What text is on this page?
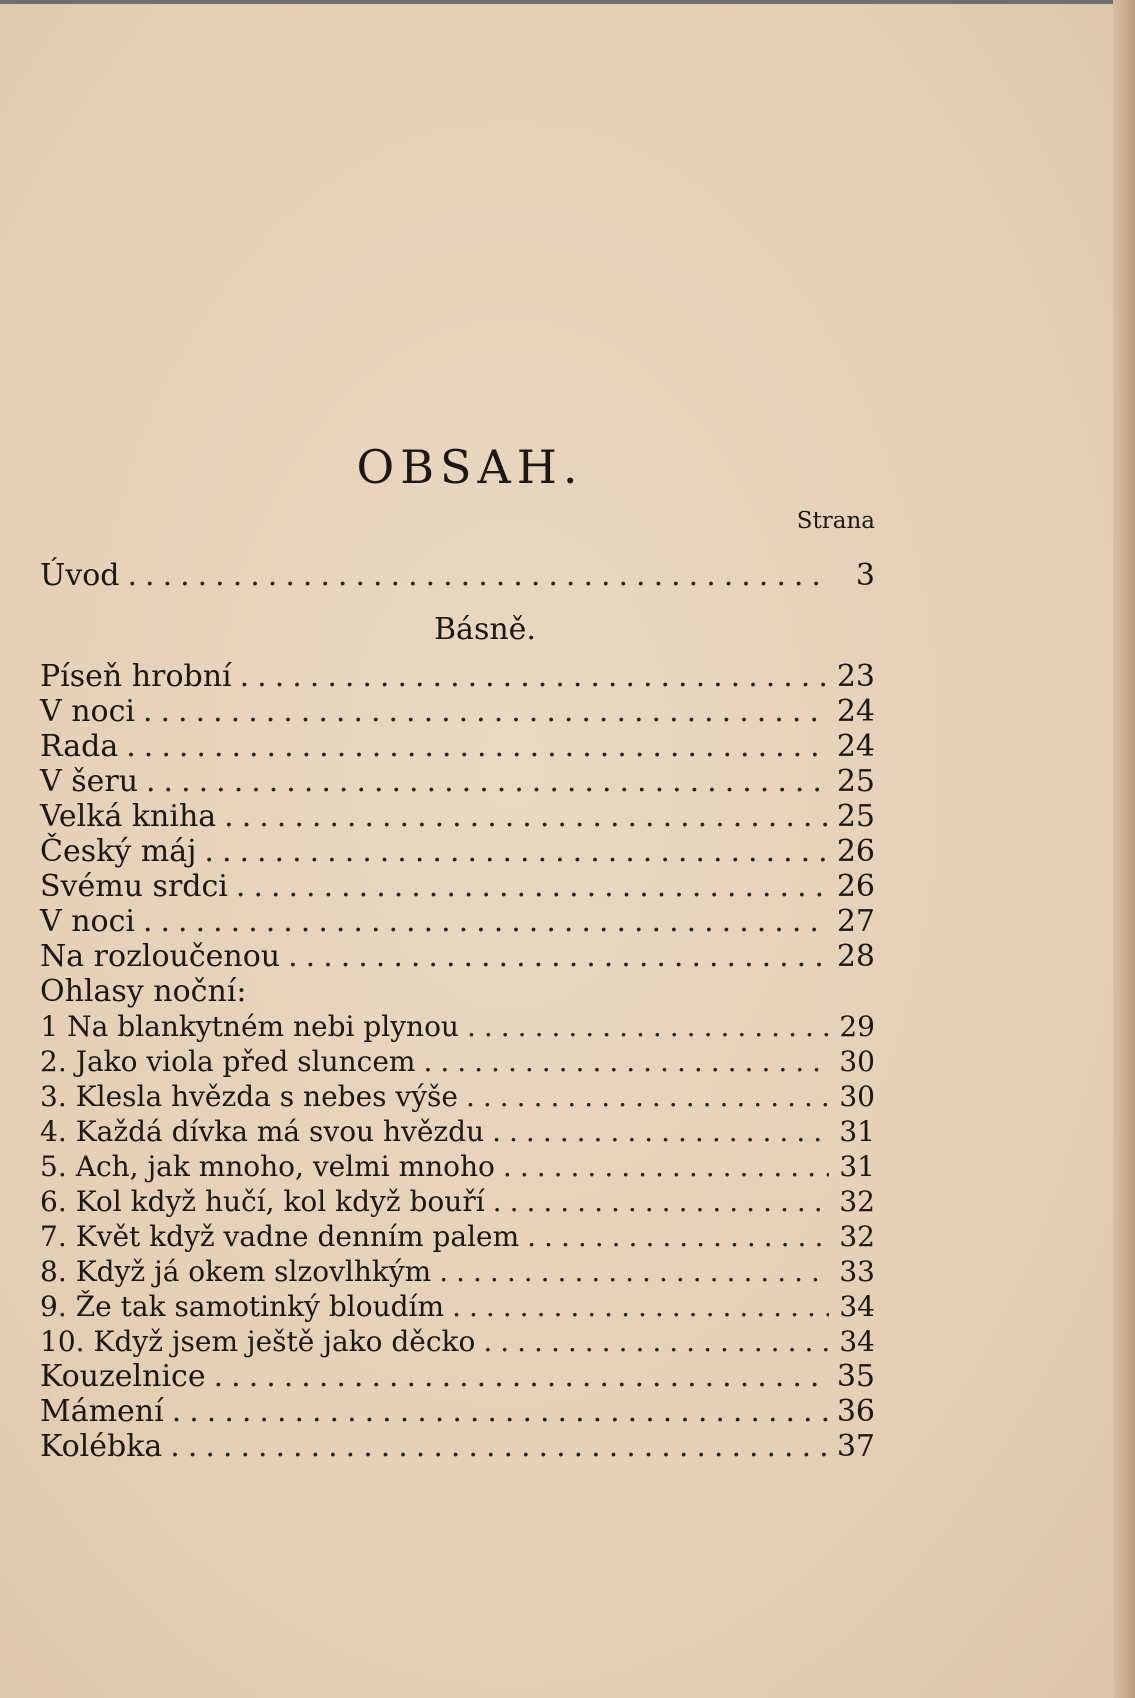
OBSAH.
Strana
Úvod .....	3
Básně.
Píseň hrobní .....	23
V noci .....	24
Rada .....	24
V šeru .....	25
Velká kniha .....	25
Český máj .....	26
Svému srdci .....	26
V noci .....	27
Na rozloučenou .....	28
Ohlasy noční:
1 Na blankytném nebi plynou .....	29
2. Jako viola před sluncem .....	30
3. Klesla hvězda s nebes výše .....	30
4. Každá dívka má svou hvězdu .....	31
5. Ach, jak mnoho, velmi mnoho .....	31
6. Kol když hučí, kol když bouří .....	32
7. Květ když vadne denním palem .....	32
8. Když já okem slzovlhkým .....	33
9. Že tak samotinký bloudím .....	34
10. Když jsem ještě jako děcko .....	34
Kouzelnice .....	35
Mámení .....	36
Kolébka .....	37
